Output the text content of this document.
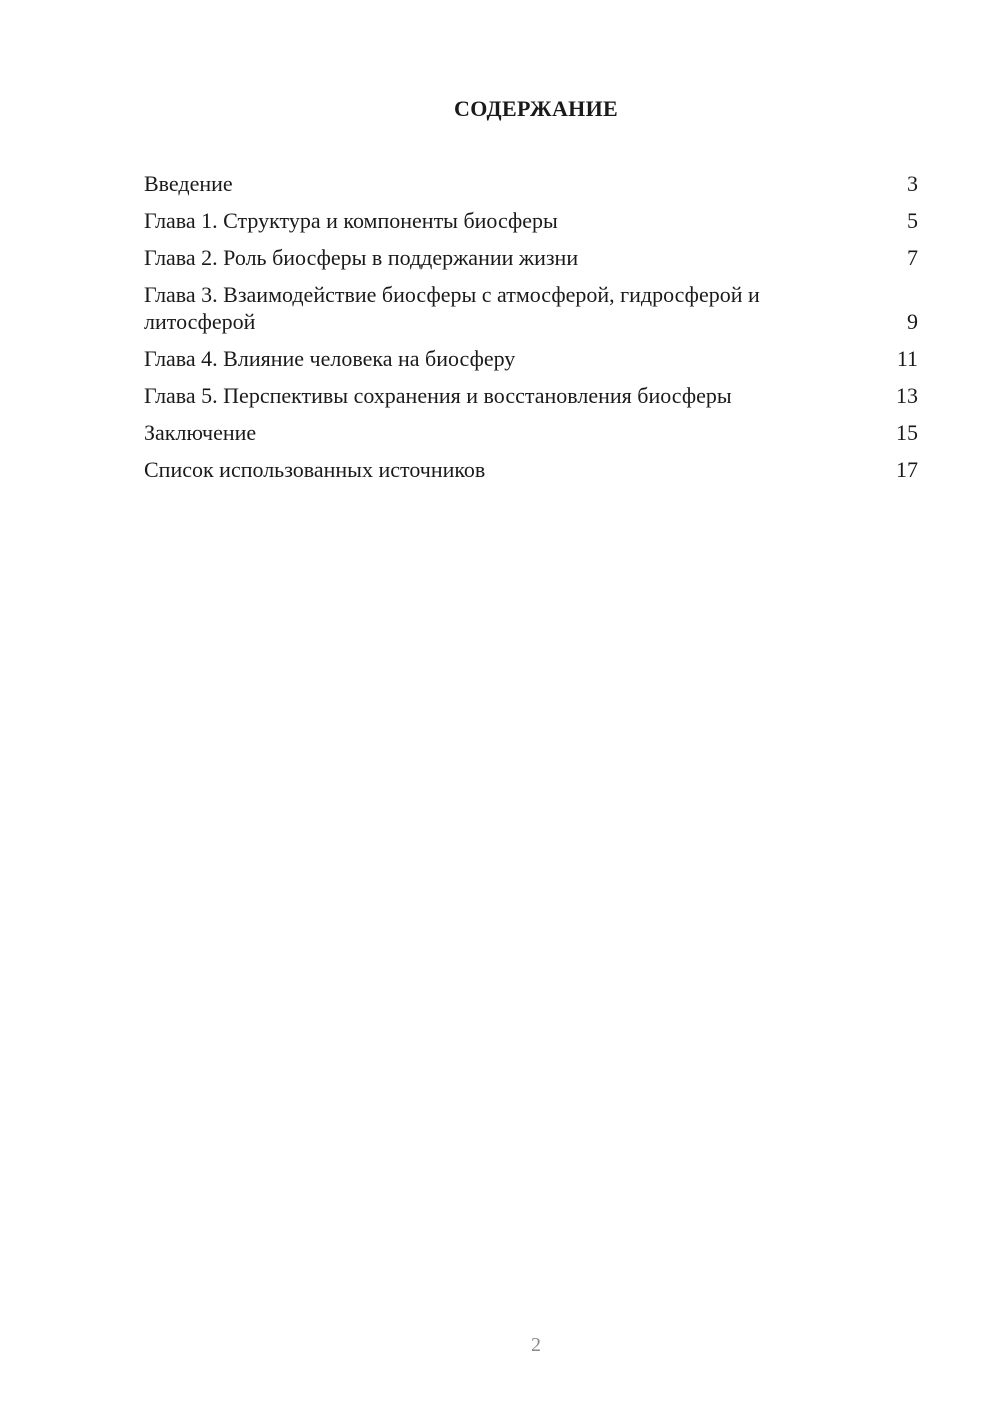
СОДЕРЖАНИЕ
Введение	3
Глава 1. Структура и компоненты биосферы	5
Глава 2. Роль биосферы в поддержании жизни	7
Глава 3. Взаимодействие биосферы с атмосферой, гидросферой и литосферой	9
Глава 4. Влияние человека на биосферу	11
Глава 5. Перспективы сохранения и восстановления биосферы	13
Заключение	15
Список использованных источников	17
2
